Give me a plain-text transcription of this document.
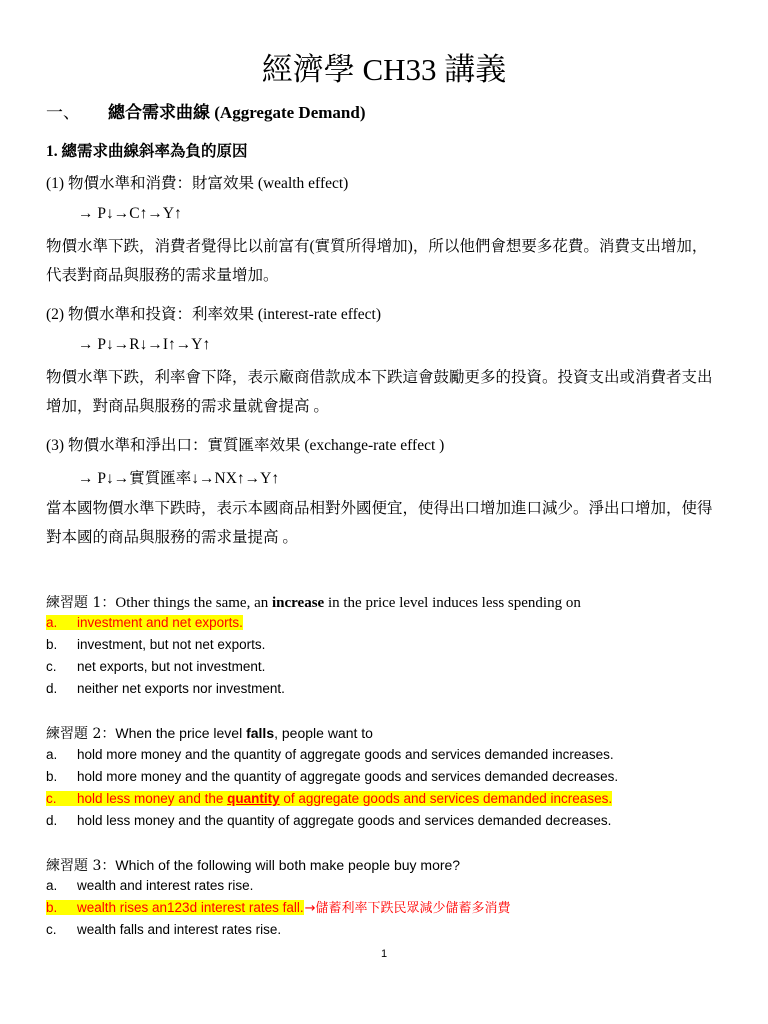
經濟學 CH33 講義
一、 總合需求曲線 (Aggregate Demand)
1. 總需求曲線斜率為負的原因
(1) 物價水準和消費：財富效果 (wealth effect)
→ P↓→C↑→Y↑
物價水準下跌，消費者覺得比以前富有(實質所得增加)，所以他們會想要多花費。消費支出增加，代表對商品與服務的需求量增加。
(2) 物價水準和投資：利率效果 (interest-rate effect)
→ P↓→R↓→I↑→Y↑
物價水準下跌，利率會下降，表示廠商借款成本下跌這會鼓勵更多的投資。投資支出或消費者支出增加，對商品與服務的需求量就會提高 。
(3) 物價水準和淨出口：實質匯率效果 (exchange-rate effect )
→ P↓→實質匯率↓→NX↑→Y↑
當本國物價水準下跌時，表示本國商品相對外國便宜，使得出口增加進口減少。淨出口增加，使得對本國的商品與服務的需求量提高 。
練習題 1：Other things the same, an increase in the price level induces less spending on
a. investment and net exports.
b. investment, but not net exports.
c. net exports, but not investment.
d. neither net exports nor investment.
練習題 2：When the price level falls, people want to
a. hold more money and the quantity of aggregate goods and services demanded increases.
b. hold more money and the quantity of aggregate goods and services demanded decreases.
c. hold less money and the quantity of aggregate goods and services demanded increases.
d. hold less money and the quantity of aggregate goods and services demanded decreases.
練習題 3：Which of the following will both make people buy more?
a. wealth and interest rates rise.
b. wealth rises an123d interest rates fall.→儲蓄利率下跌民眾減少儲蓄多消費
c. wealth falls and interest rates rise.
1
